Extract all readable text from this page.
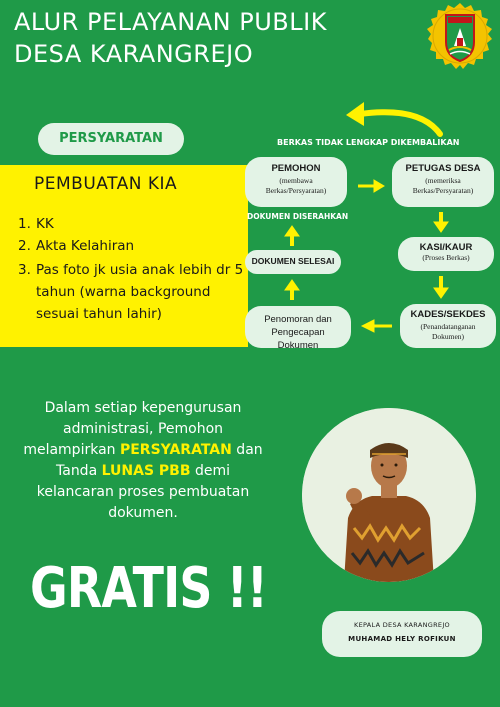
ALUR PELAYANAN PUBLIK
DESA KARANGREJO
PERSYARATAN
PEMBUATAN KIA
1. KK
2. Akta Kelahiran
3. Pas foto jk usia anak lebih dr 5 tahun (warna background sesuai tahun lahir)
BERKAS TIDAK LENGKAP DIKEMBALIKAN
PEMOHON
(membawa Berkas/Persyaratan)
PETUGAS DESA
(memeriksa Berkas/Persyaratan)
KASI/KAUR
(Proses Berkas)
KADES/SEKDES
(Penandatanganan Dokumen)
Penomoran dan Pengecapan Dokumen
DOKUMEN SELESAI
DOKUMEN DISERAHKAN
Dalam setiap kepengurusan administrasi, Pemohon melampirkan PERSYARATAN dan Tanda LUNAS PBB demi kelancaran proses pembuatan dokumen.
GRATIS !!
KEPALA DESA KARANGREJO
MUHAMAD HELY ROFIKUN
